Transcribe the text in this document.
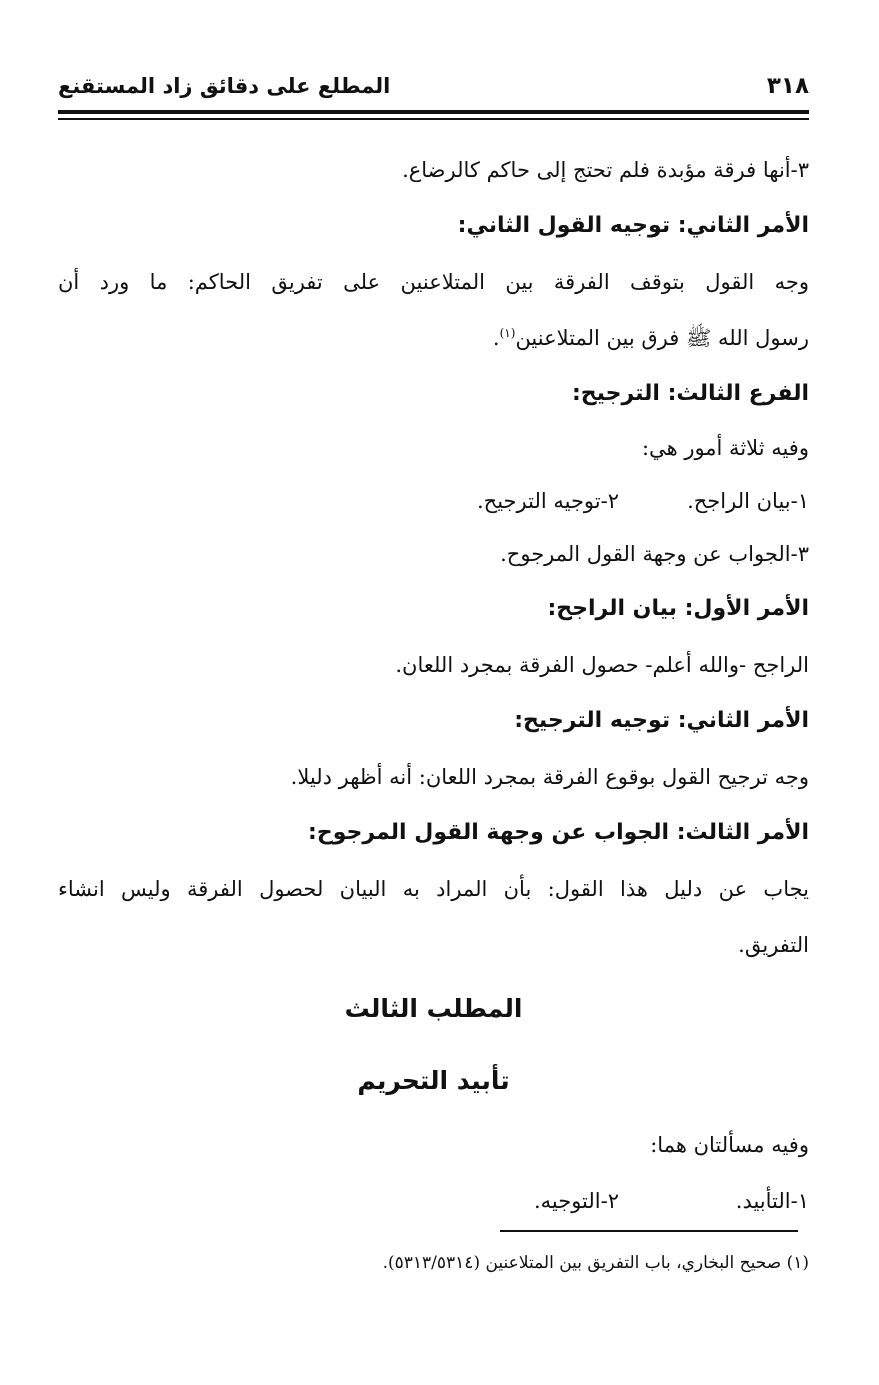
٣١٨
المطلع على دقائق زاد المستقنع
٣-أنها فرقة مؤبدة فلم تحتج إلى حاكم كالرضاع.
الأمر الثاني: توجيه القول الثاني:
وجه القول بتوقف الفرقة بين المتلاعنين على تفريق الحاكم: ما ورد أن
رسول الله ﷺ فرق بين المتلاعنين$^{(١)}$.
الفرع الثالث: الترجيح:
وفيه ثلاثة أمور هي:
١-بيان الراجح.
٢-توجيه الترجيح.
٣-الجواب عن وجهة القول المرجوح.
الأمر الأول: بيان الراجح:
الراجح -والله أعلم- حصول الفرقة بمجرد اللعان.
الأمر الثاني: توجيه الترجيح:
وجه ترجيح القول بوقوع الفرقة بمجرد اللعان: أنه أظهر دليلا.
الأمر الثالث: الجواب عن وجهة القول المرجوح:
يجاب عن دليل هذا القول: بأن المراد به البيان لحصول الفرقة وليس انشاء
التفريق.
المطلب الثالث
تأبيد التحريم
وفيه مسألتان هما:
١-التأبيد.
٢-التوجيه.
(١) صحيح البخاري، باب التفريق بين المتلاعنين (٥٣١٣/٥٣١٤).
